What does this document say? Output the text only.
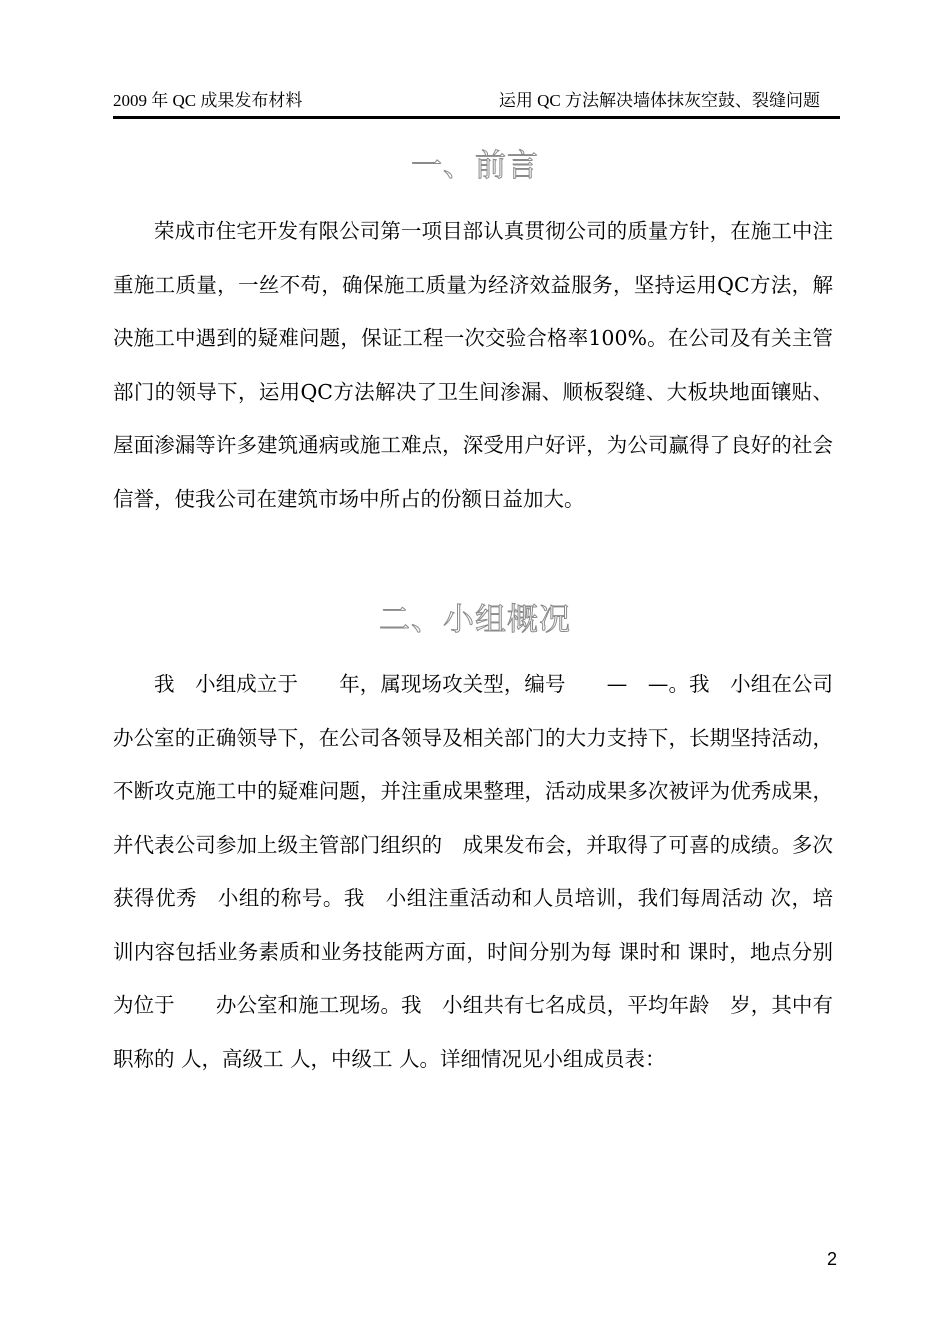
2009 年 QC 成果发布材料	运用 QC 方法解决墙体抹灰空鼓、裂缝问题
一、前言

荣成市住宅开发有限公司第一项目部认真贯彻公司的质量方针，在施工中注重施工质量，一丝不苟，确保施工质量为经济效益服务，坚持运用QC方法，解决施工中遇到的疑难问题，保证工程一次交验合格率100%。在公司及有关主管部门的领导下，运用QC方法解决了卫生间渗漏、顺板裂缝、大板块地面镶贴、屋面渗漏等许多建筑通病或施工难点，深受用户好评，为公司赢得了良好的社会信誉，使我公司在建筑市场中所占的份额日益加大。

二、小组概况

我　小组成立于　　年，属现场攻关型，编号　　—　—。我　小组在公司　　办公室的正确领导下，在公司各领导及相关部门的大力支持下，长期坚持活动，不断攻克施工中的疑难问题，并注重成果整理，活动成果多次被评为优秀成果，并代表公司参加上级主管部门组织的　成果发布会，并取得了可喜的成绩。多次获得优秀　小组的称号。我　小组注重活动和人员培训，我们每周活动 次，培训内容包括业务素质和业务技能两方面，时间分别为每 课时和 课时，地点分别为位于　　办公室和施工现场。我　小组共有七名成员，平均年龄　岁，其中有职称的 人，高级工 人，中级工 人。详细情况见小组成员表：

2
